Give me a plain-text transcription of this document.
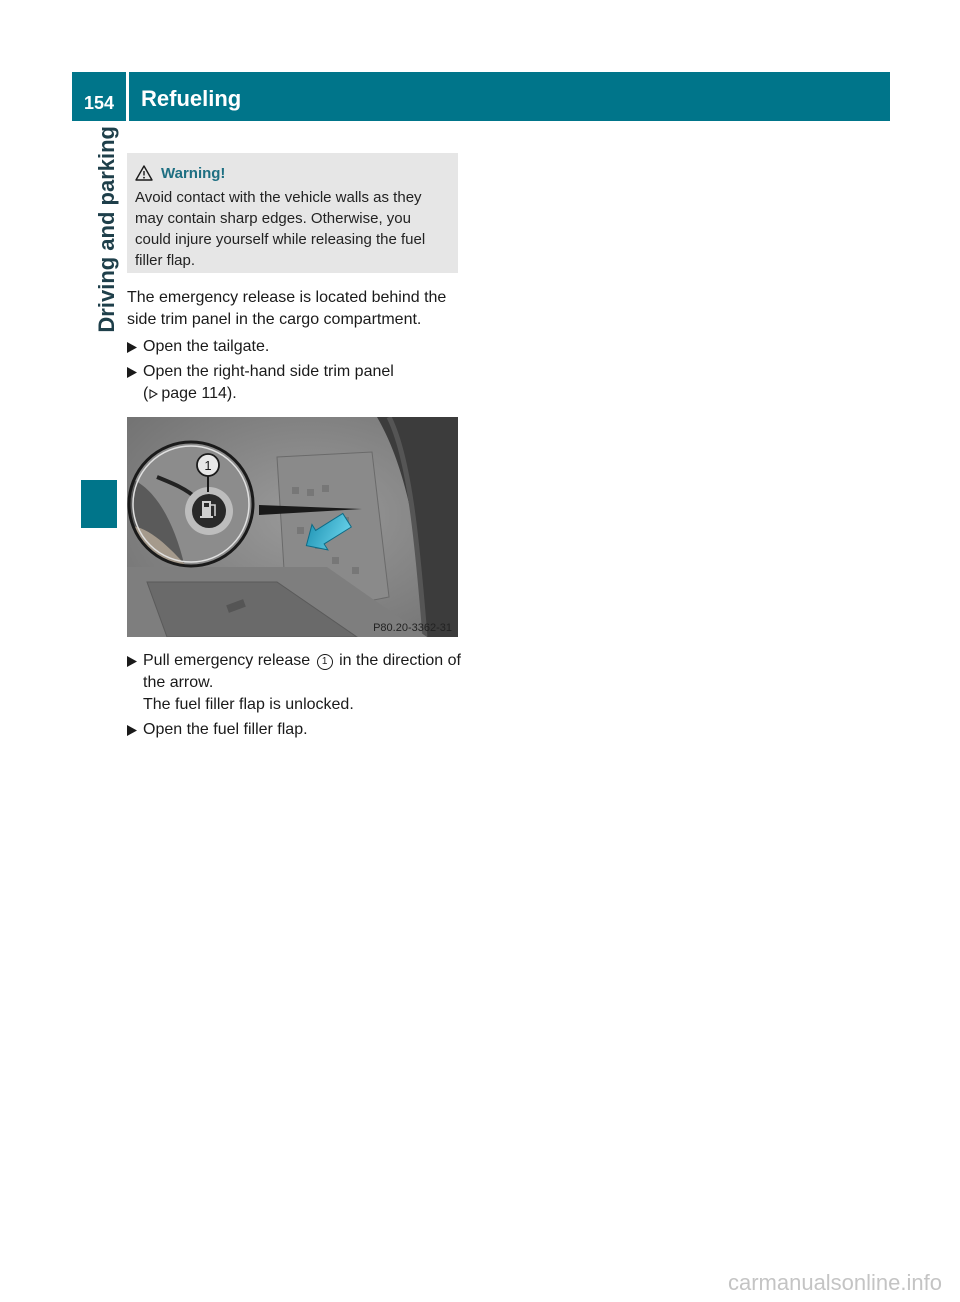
154	Refueling
Driving and parking	Warning!
Avoid contact with the vehicle walls as they may contain sharp edges. Otherwise, you could injure yourself while releasing the fuel filler flap.
The emergency release is located behind the side trim panel in the cargo compartment.
Open the tailgate.
Open the right-hand side trim panel
( page 114).
1
P80.20-3362-31
Pull emergency release 1 in the direction of the arrow.
The fuel filler flap is unlocked.
Open the fuel filler flap.
carmanualsonline.info
